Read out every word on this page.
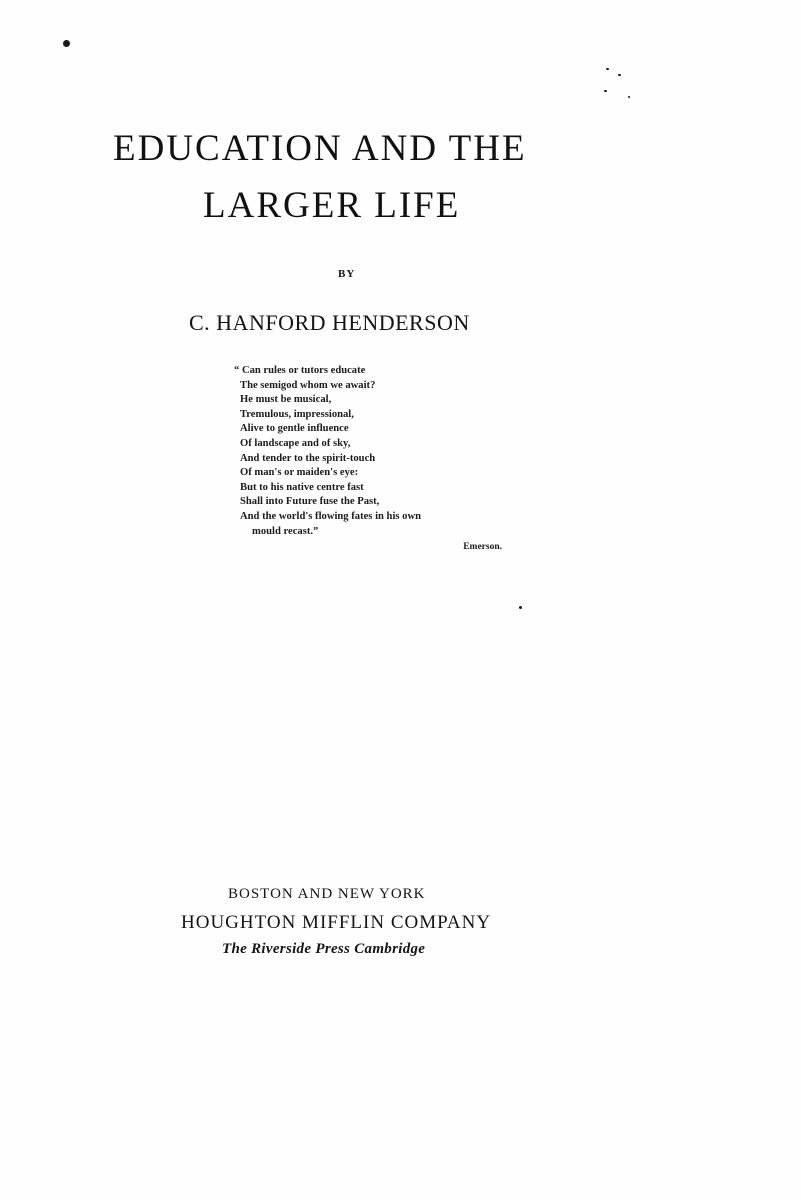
EDUCATION AND THE
LARGER LIFE
BY
C. HANFORD HENDERSON
“ Can rules or tutors educate
The semigod whom we await?
He must be musical,
Tremulous, impressional,
Alive to gentle influence
Of landscape and of sky,
And tender to the spirit-touch
Of man's or maiden's eye:
But to his native centre fast
Shall into Future fuse the Past,
And the world's flowing fates in his own
mould recast.”
Emerson.
BOSTON AND NEW YORK
HOUGHTON MIFFLIN COMPANY
The Riverside Press Cambridge
